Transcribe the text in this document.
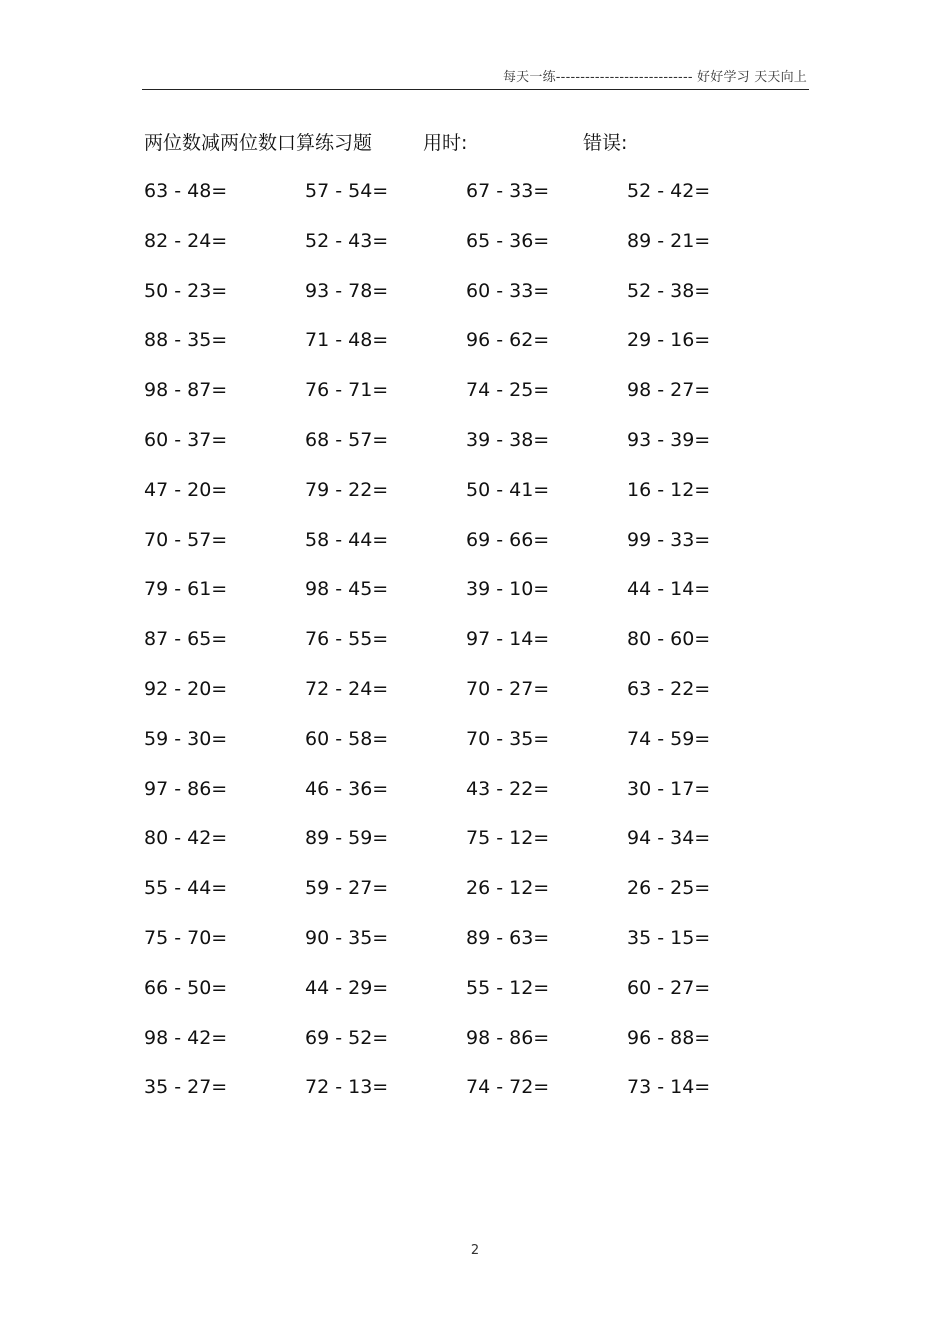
每天一练---------------------------- 好好学习 天天向上
两位数减两位数口算练习题	用时:	错误:
63 - 48=	57 - 54=	67 - 33=	52 - 42=
82 - 24=	52 - 43=	65 - 36=	89 - 21=
50 - 23=	93 - 78=	60 - 33=	52 - 38=
88 - 35=	71 - 48=	96 - 62=	29 - 16=
98 - 87=	76 - 71=	74 - 25=	98 - 27=
60 - 37=	68 - 57=	39 - 38=	93 - 39=
47 - 20=	79 - 22=	50 - 41=	16 - 12=
70 - 57=	58 - 44=	69 - 66=	99 - 33=
79 - 61=	98 - 45=	39 - 10=	44 - 14=
87 - 65=	76 - 55=	97 - 14=	80 - 60=
92 - 20=	72 - 24=	70 - 27=	63 - 22=
59 - 30=	60 - 58=	70 - 35=	74 - 59=
97 - 86=	46 - 36=	43 - 22=	30 - 17=
80 - 42=	89 - 59=	75 - 12=	94 - 34=
55 - 44=	59 - 27=	26 - 12=	26 - 25=
75 - 70=	90 - 35=	89 - 63=	35 - 15=
66 - 50=	44 - 29=	55 - 12=	60 - 27=
98 - 42=	69 - 52=	98 - 86=	96 - 88=
35 - 27=	72 - 13=	74 - 72=	73 - 14=
2
